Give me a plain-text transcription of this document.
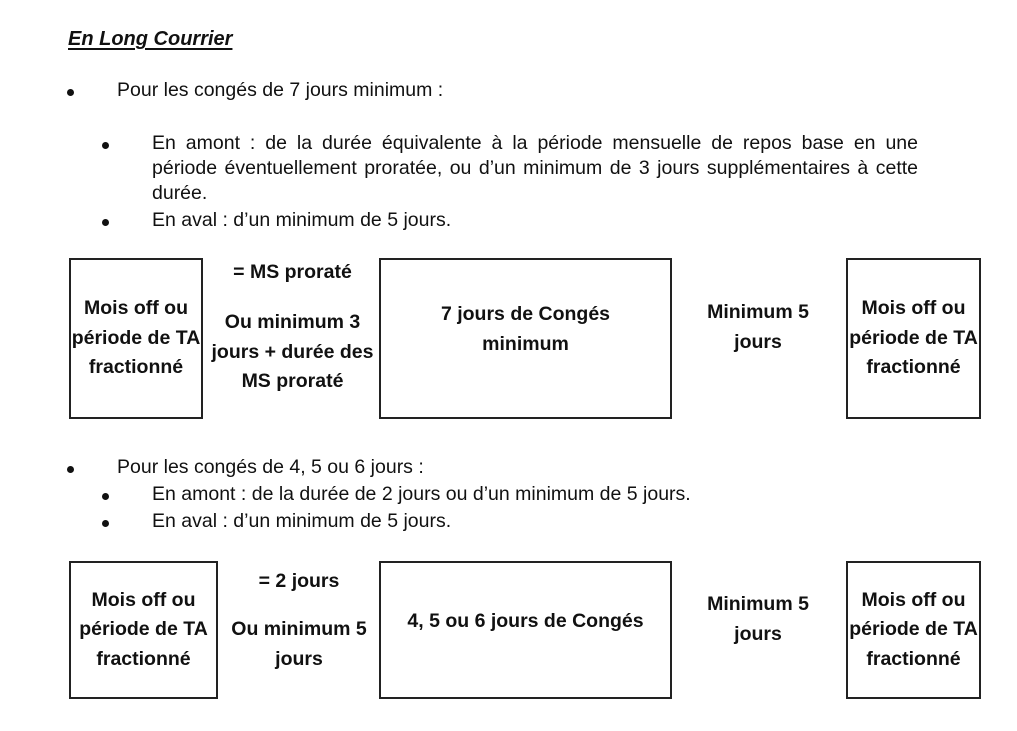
En Long Courrier
Pour les congés de 7 jours minimum :
En amont : de la durée équivalente à la période mensuelle de repos base en une période éventuellement proratée, ou d’un minimum de 3 jours supplémentaires à cette durée.
En aval : d’un minimum de 5 jours.
Mois off ou période de TA fractionné
= MS proraté
Ou minimum 3 jours + durée des MS proraté
7 jours de Congés minimum
Minimum 5 jours
Mois off ou période de TA fractionné
Pour les congés de 4, 5 ou 6 jours :
En amont : de la durée de 2 jours ou d’un minimum de 5 jours.
En aval : d’un minimum de 5 jours.
Mois off ou période de TA fractionné
= 2 jours
Ou minimum 5 jours
4, 5 ou 6 jours de Congés
Minimum 5 jours
Mois off ou période de TA fractionné
